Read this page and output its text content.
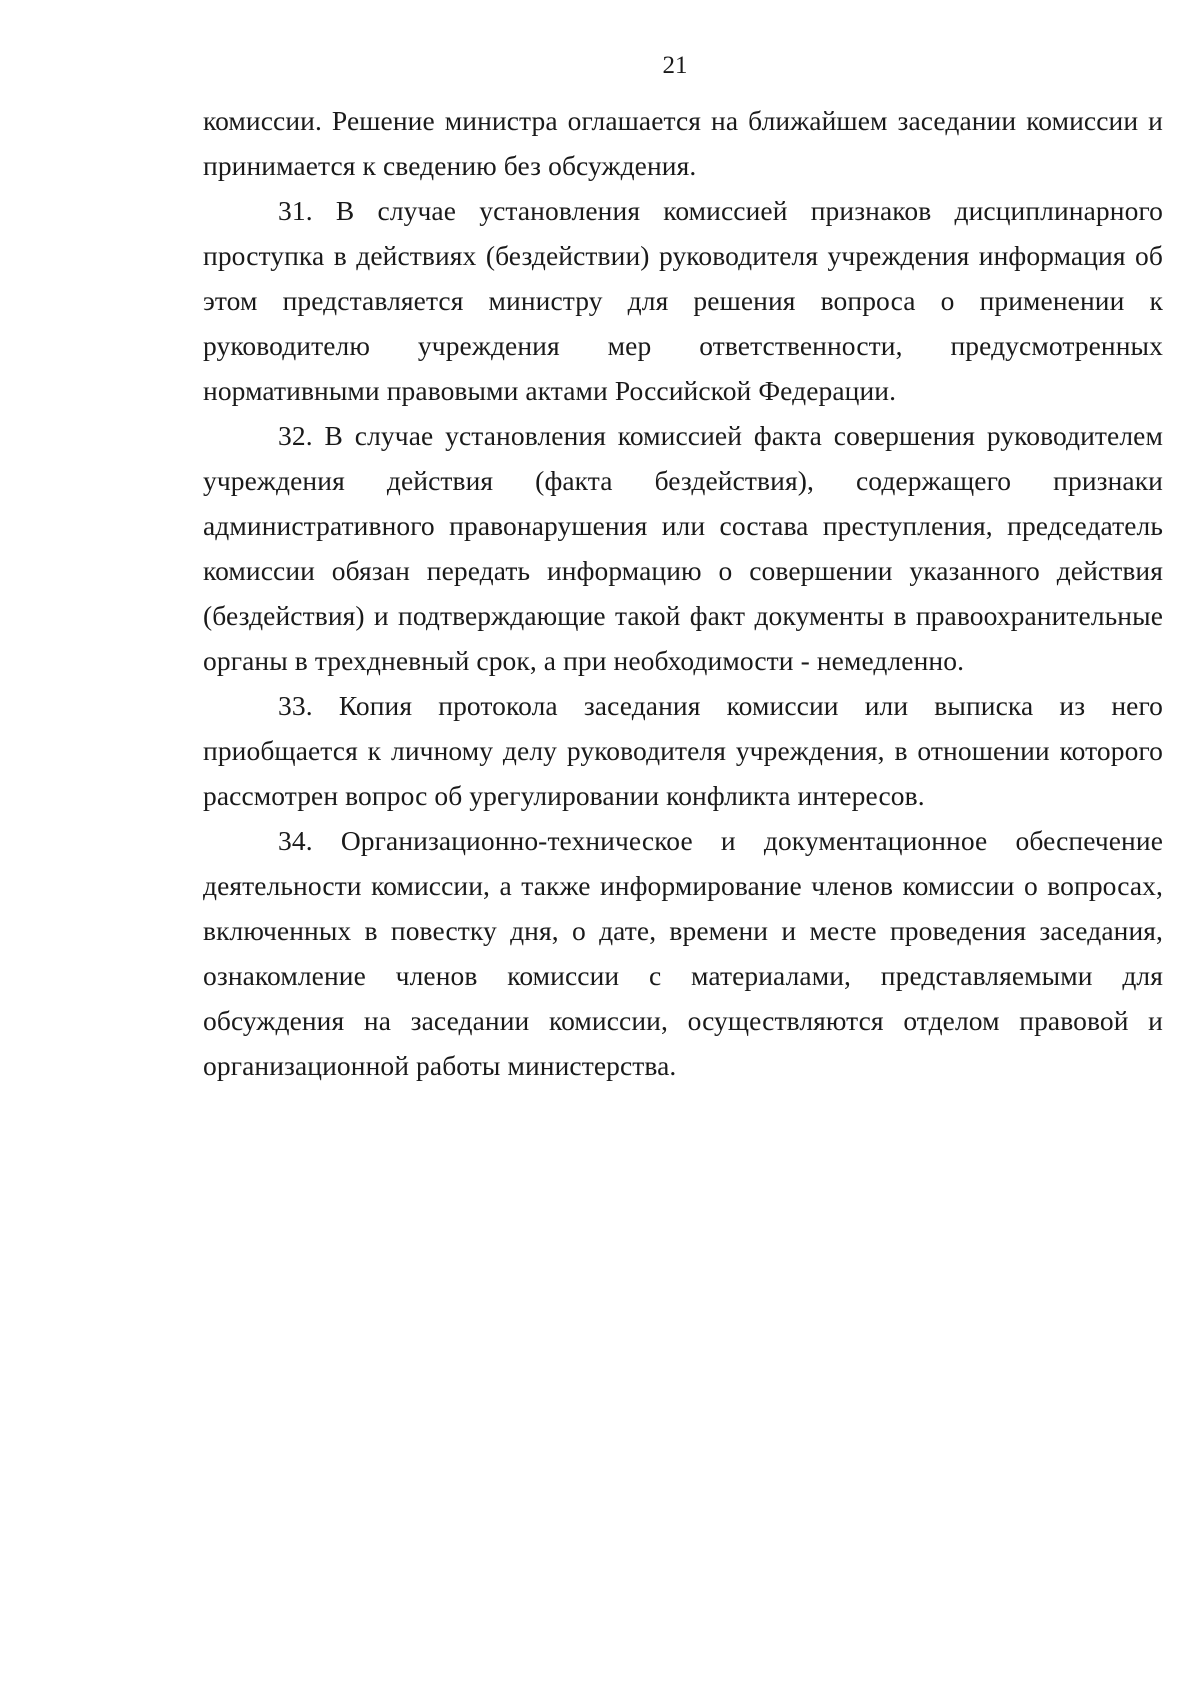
21

комиссии. Решение министра оглашается на ближайшем заседании комиссии и принимается к сведению без обсуждения.

31. В случае установления комиссией признаков дисциплинарного проступка в действиях (бездействии) руководителя учреждения информация об этом представляется министру для решения вопроса о применении к руководителю учреждения мер ответственности, предусмотренных нормативными правовыми актами Российской Федерации.

32. В случае установления комиссией факта совершения руководителем учреждения действия (факта бездействия), содержащего признаки административного правонарушения или состава преступления, председатель комиссии обязан передать информацию о совершении указанного действия (бездействия) и подтверждающие такой факт документы в правоохранительные органы в трехдневный срок, а при необходимости - немедленно.

33. Копия протокола заседания комиссии или выписка из него приобщается к личному делу руководителя учреждения, в отношении которого рассмотрен вопрос об урегулировании конфликта интересов.

34. Организационно-техническое и документационное обеспечение деятельности комиссии, а также информирование членов комиссии о вопросах, включенных в повестку дня, о дате, времени и месте проведения заседания, ознакомление членов комиссии с материалами, представляемыми для обсуждения на заседании комиссии, осуществляются отделом правовой и организационной работы министерства.
